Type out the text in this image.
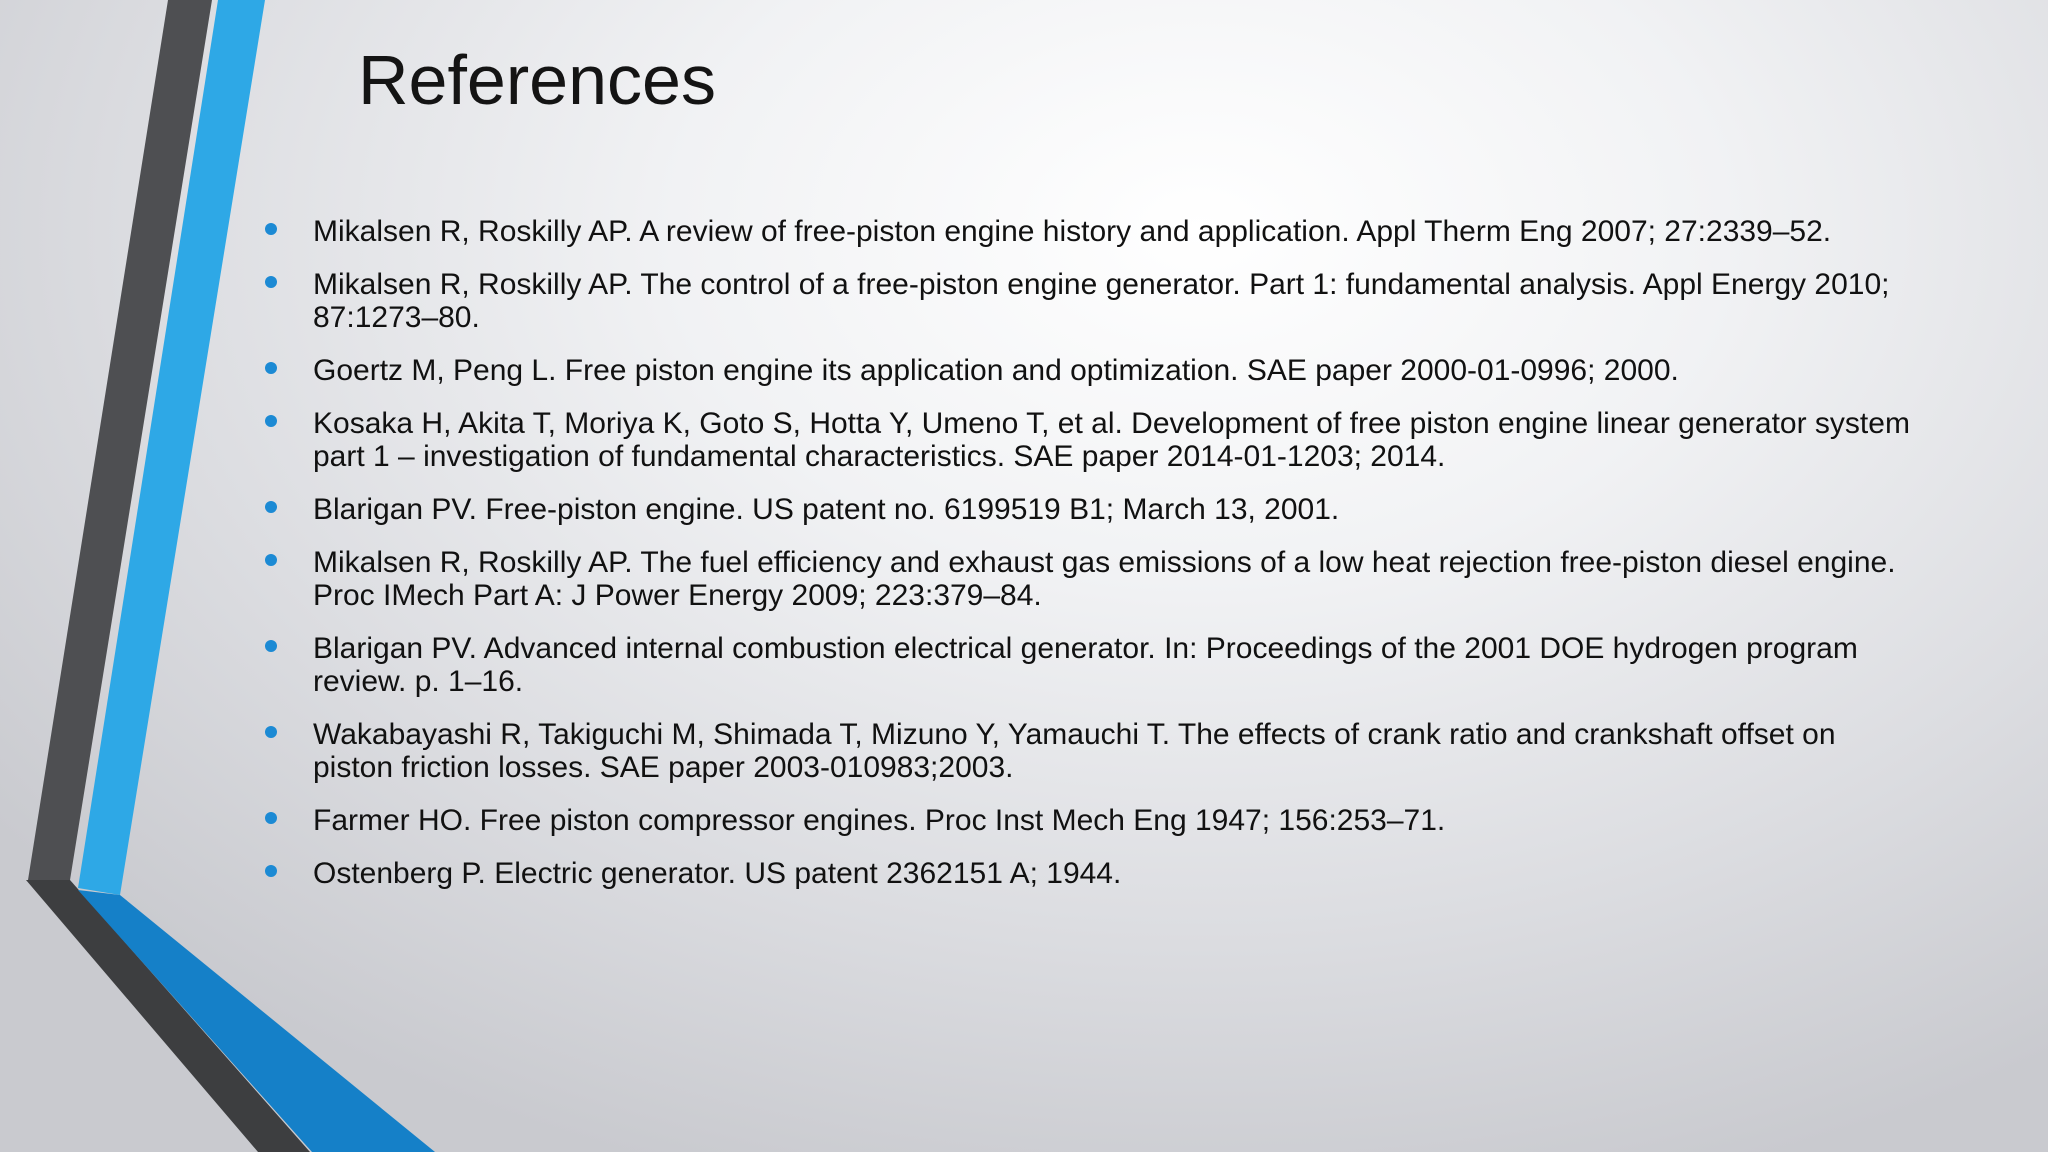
References
Mikalsen R, Roskilly AP. A review of free-piston engine history and application. Appl Therm Eng 2007; 27:2339–52.
Mikalsen R, Roskilly AP. The control of a free-piston engine generator. Part 1: fundamental analysis. Appl Energy 2010; 87:1273–80.
Goertz M, Peng L. Free piston engine its application and optimization. SAE paper 2000-01-0996; 2000.
Kosaka H, Akita T, Moriya K, Goto S, Hotta Y, Umeno T, et al. Development of free piston engine linear generator system part 1 – investigation of fundamental characteristics. SAE paper 2014-01-1203; 2014.
Blarigan PV. Free-piston engine. US patent no. 6199519 B1; March 13, 2001.
Mikalsen R, Roskilly AP. The fuel efficiency and exhaust gas emissions of a low heat rejection free-piston diesel engine. Proc IMech Part A: J Power Energy 2009; 223:379–84.
Blarigan PV. Advanced internal combustion electrical generator. In: Proceedings of the 2001 DOE hydrogen program review. p. 1–16.
Wakabayashi R, Takiguchi M, Shimada T, Mizuno Y, Yamauchi T. The effects of crank ratio and crankshaft offset on piston friction losses. SAE paper 2003-010983;2003.
Farmer HO. Free piston compressor engines. Proc Inst Mech Eng 1947; 156:253–71.
Ostenberg P. Electric generator. US patent 2362151 A; 1944.
